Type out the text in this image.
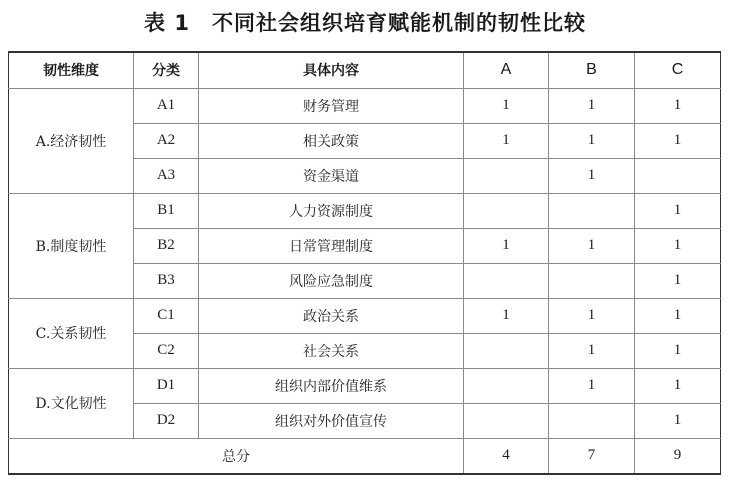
表 1　不同社会组织培育赋能机制的韧性比较
韧性维度	分类	具体内容	A	B	C
A.经济韧性	A1	财务管理	1	1	1
	A2	相关政策	1	1	1
	A3	资金渠道		1	
B.制度韧性	B1	人力资源制度			1
	B2	日常管理制度	1	1	1
	B3	风险应急制度			1
C.关系韧性	C1	政治关系	1	1	1
	C2	社会关系		1	1
D.文化韧性	D1	组织内部价值维系		1	1
	D2	组织对外价值宣传			1
总分			4	7	9
